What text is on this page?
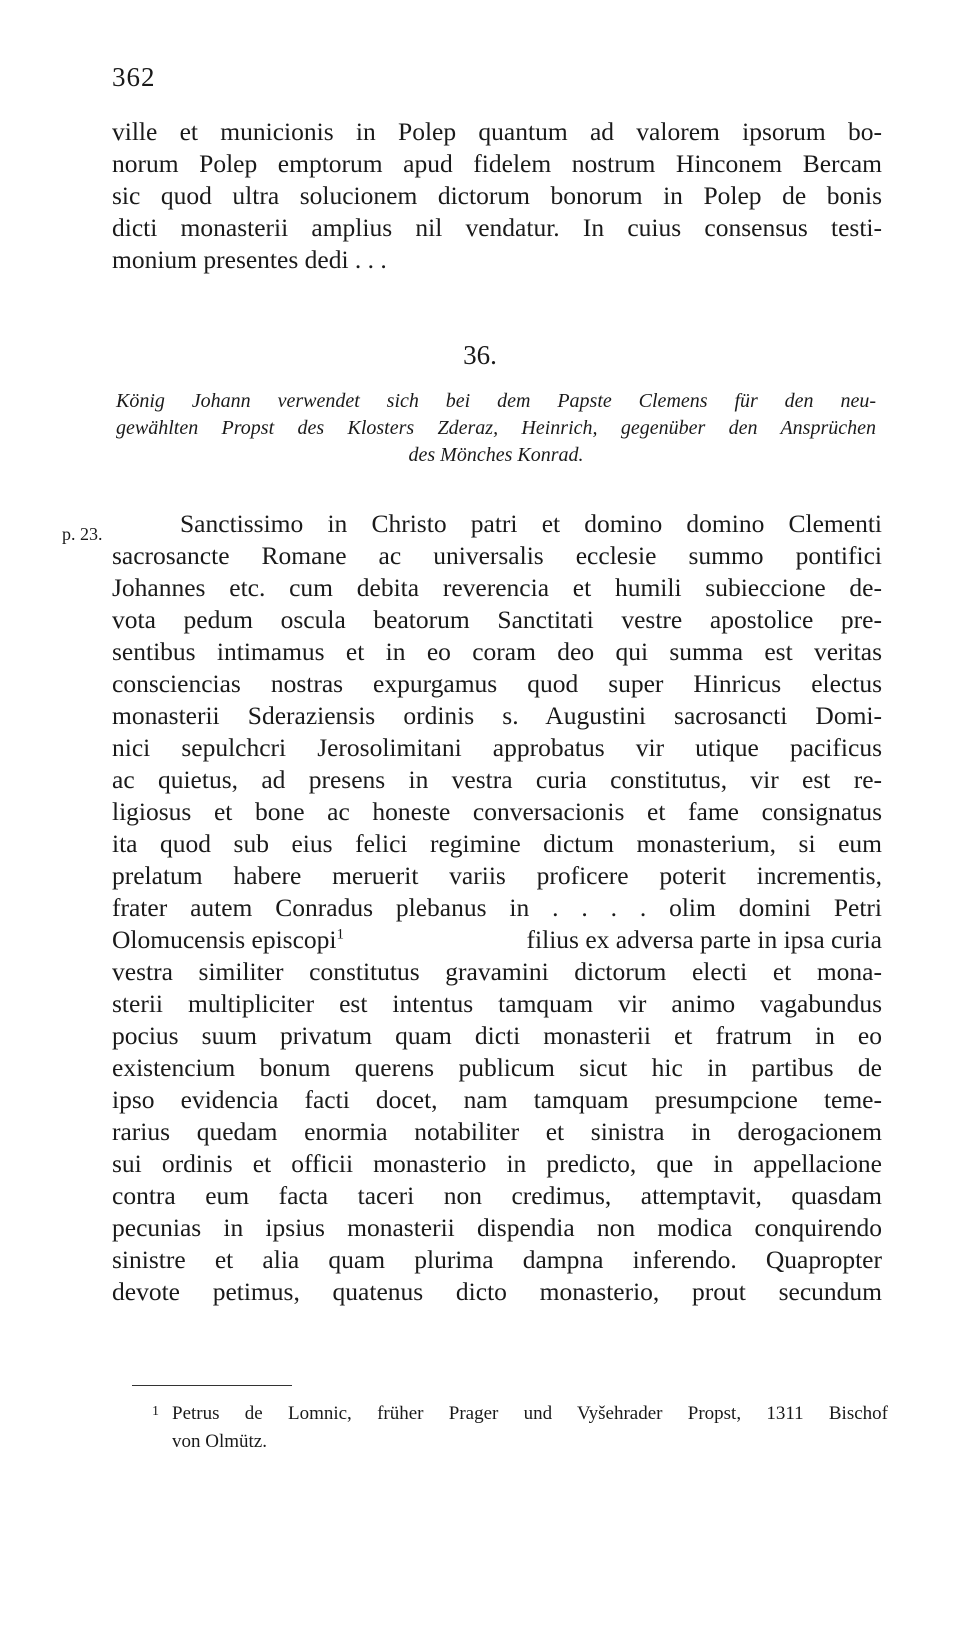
362
ville et municionis in Polep quantum ad valorem ipsorum bo-
norum Polep emptorum apud fidelem nostrum Hinconem Bercam
sic quod ultra solucionem dictorum bonorum in Polep de bonis
dicti monasterii amplius nil vendatur. In cuius consensus testi-
monium presentes dedi . . .
36.
König Johann verwendet sich bei dem Papste Clemens für den neu-
gewählten Propst des Klosters Zderaz, Heinrich, gegenüber den Ansprüchen
des Mönches Konrad.
p. 23.	Sanctissimo in Christo patri et domino domino Clementi
sacrosancte Romane ac universalis ecclesie summo pontifici
Johannes etc. cum debita reverencia et humili subieccione de-
vota pedum oscula beatorum Sanctitati vestre apostolice pre-
sentibus intimamus et in eo coram deo qui summa est veritas
consciencias nostras expurgamus quod super Hinricus electus
monasterii Sderaziensis ordinis s. Augustini sacrosancti Domi-
nici sepulchcri Jerosolimitani approbatus vir utique pacificus
ac quietus, ad presens in vestra curia constitutus, vir est re-
ligiosus et bone ac honeste conversacionis et fame consignatus
ita quod sub eius felici regimine dictum monasterium, si eum
prelatum habere meruerit variis proficere poterit incrementis,
frater autem Conradus plebanus in . . . . olim domini Petri
Olomucensis episcopi$^1$	filius ex adversa parte in ipsa curia
vestra similiter constitutus gravamini dictorum electi et mona-
sterii multipliciter est intentus tamquam vir animo vagabundus
pocius suum privatum quam dicti monasterii et fratrum in eo
existencium bonum querens publicum sicut hic in partibus de
ipso evidencia facti docet, nam tamquam presumpcione teme-
rarius quedam enormia notabiliter et sinistra in derogacionem
sui ordinis et officii monasterio in predicto, que in appellacione
contra eum facta taceri non credimus, attemptavit, quasdam
pecunias in ipsius monasterii dispendia non modica conquirendo
sinistre et alia quam plurima dampna inferendo. Quapropter
devote petimus, quatenus dicto monasterio, prout secundum
1 Petrus de Lomnic, früher Prager und Vyšehrader Propst, 1311 Bischof
von Olmütz.
